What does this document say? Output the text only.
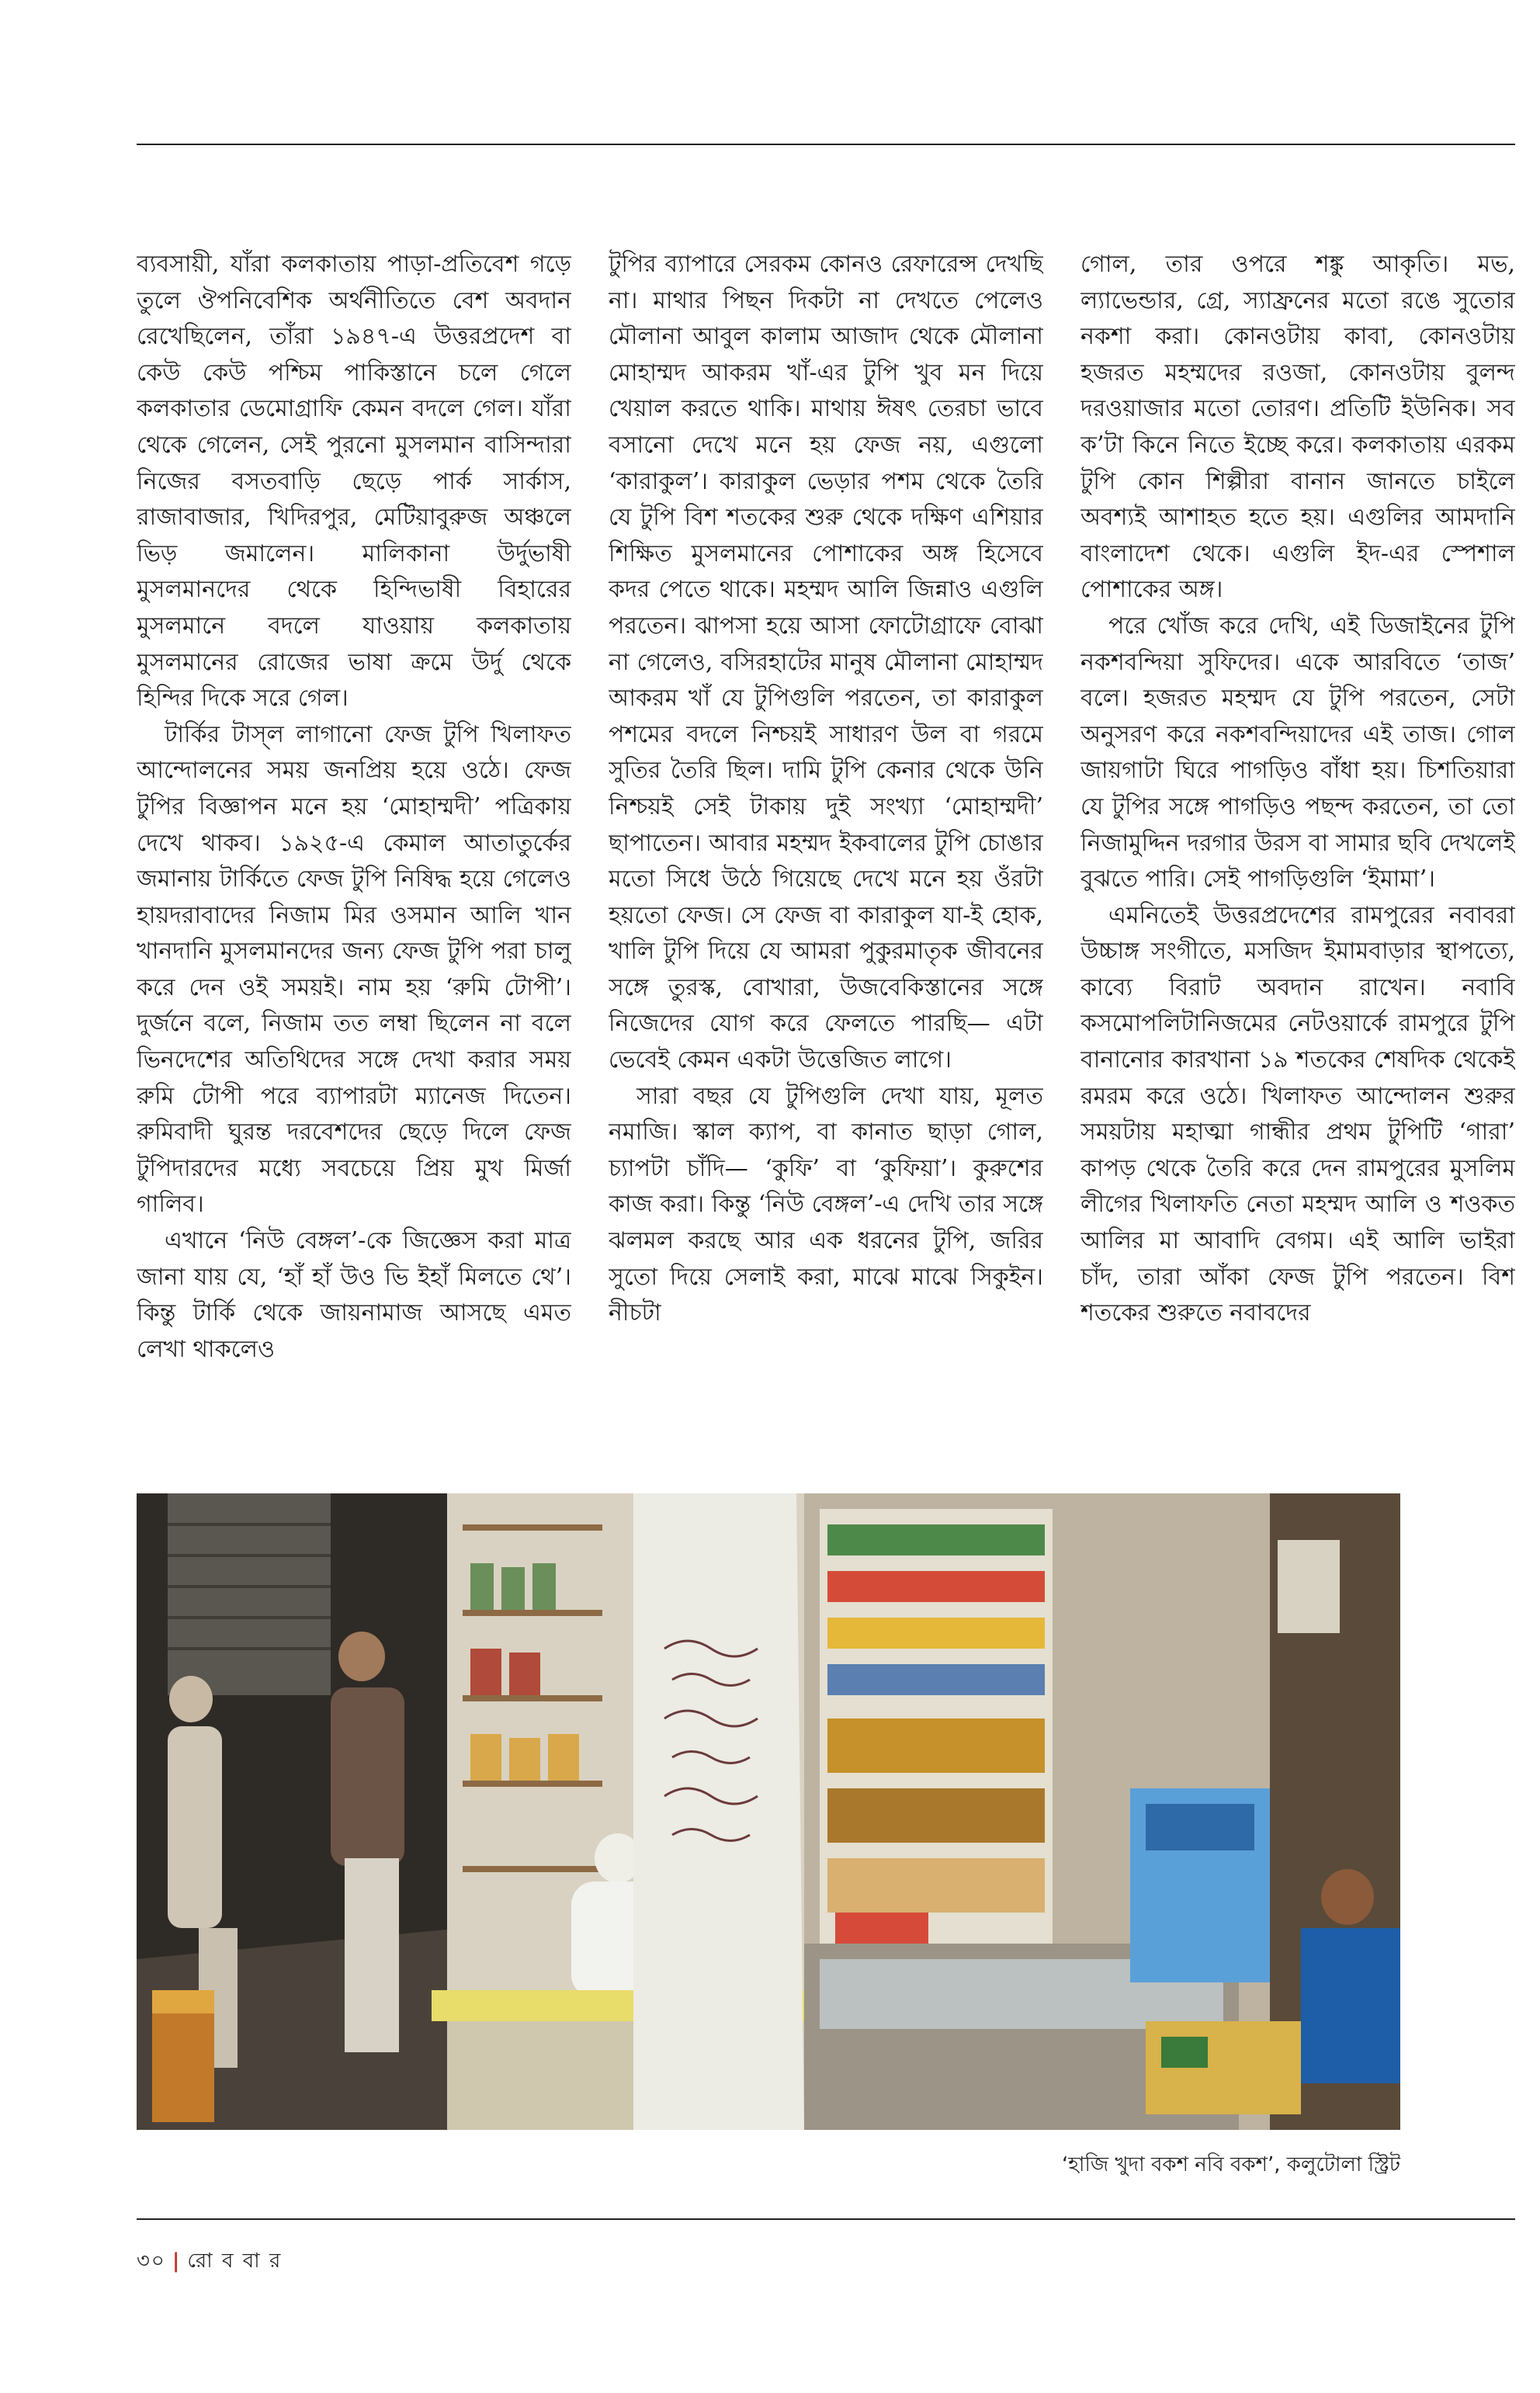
ব্যবসায়ী, যাঁরা কলকাতায় পাড়া-প্রতিবেশ গড়ে তুলে ঔপনিবেশিক অর্থনীতিতে বেশ অবদান রেখেছিলেন, তাঁরা ১৯৪৭-এ উত্তরপ্রদেশ বা কেউ কেউ পশ্চিম পাকিস্তানে চলে গেলে কলকাতার ডেমোগ্রাফি কেমন বদলে গেল। যাঁরা থেকে গেলেন, সেই পুরনো মুসলমান বাসিন্দারা নিজের বসতবাড়ি ছেড়ে পার্ক সার্কাস, রাজাবাজার, খিদিরপুর, মেটিয়াবুরুজ অঞ্চলে ভিড় জমালেন। মালিকানা উর্দুভাষী মুসলমানদের থেকে হিন্দিভাষী বিহারের মুসলমানে বদলে যাওয়ায় কলকাতায় মুসলমানের রোজের ভাষা ক্রমে উর্দু থেকে হিন্দির দিকে সরে গেল।

টার্কির টাস্‌ল লাগানো ফেজ টুপি খিলাফত আন্দোলনের সময় জনপ্রিয় হয়ে ওঠে। ফেজ টুপির বিজ্ঞাপন মনে হয় ‘মোহাম্মদী’ পত্রিকায় দেখে থাকব। ১৯২৫-এ কেমাল আতাতুর্কের জমানায় টার্কিতে ফেজ টুপি নিষিদ্ধ হয়ে গেলেও হায়দরাবাদের নিজাম মির ওসমান আলি খান খানদানি মুসলমানদের জন্য ফেজ টুপি পরা চালু করে দেন ওই সময়ই। নাম হয় ‘রুমি টোপী’। দুর্জনে বলে, নিজাম তত লম্বা ছিলেন না বলে ভিনদেশের অতিথিদের সঙ্গে দেখা করার সময় রুমি টোপী পরে ব্যাপারটা ম্যানেজ দিতেন। রুমিবাদী ঘুরন্ত দরবেশদের ছেড়ে দিলে ফেজ টুপিদারদের মধ্যে সবচেয়ে প্রিয় মুখ মির্জা গালিব।

এখানে ‘নিউ বেঙ্গল’-কে জিজ্ঞেস করা মাত্র জানা যায় যে, ‘হাঁ হাঁ উও ভি ইহাঁ মিলতে থে’। কিন্তু টার্কি থেকে জায়নামাজ আসছে এমত লেখা থাকলেও

টুপির ব্যাপারে সেরকম কোনও রেফারেন্স দেখছি না। মাথার পিছন দিকটা না দেখতে পেলেও মৌলানা আবুল কালাম আজাদ থেকে মৌলানা মোহাম্মদ আকরম খাঁ-এর টুপি খুব মন দিয়ে খেয়াল করতে থাকি। মাথায় ঈষৎ তেরচা ভাবে বসানো দেখে মনে হয় ফেজ নয়, এগুলো ‘কারাকুল’। কারাকুল ভেড়ার পশম থেকে তৈরি যে টুপি বিশ শতকের শুরু থেকে দক্ষিণ এশিয়ার শিক্ষিত মুসলমানের পোশাকের অঙ্গ হিসেবে কদর পেতে থাকে। মহম্মদ আলি জিন্নাও এগুলি পরতেন। ঝাপসা হয়ে আসা ফোটোগ্রাফে বোঝা না গেলেও, বসিরহাটের মানুষ মৌলানা মোহাম্মদ আকরম খাঁ যে টুপিগুলি পরতেন, তা কারাকুল পশমের বদলে নিশ্চয়ই সাধারণ উল বা গরমে সুতির তৈরি ছিল। দামি টুপি কেনার থেকে উনি নিশ্চয়ই সেই টাকায় দুই সংখ্যা ‘মোহাম্মদী’ ছাপাতেন। আবার মহম্মদ ইকবালের টুপি চোঙার মতো সিধে উঠে গিয়েছে দেখে মনে হয় ওঁরটা হয়তো ফেজ। সে ফেজ বা কারাকুল যা-ই হোক, খালি টুপি দিয়ে যে আমরা পুকুরমাতৃক জীবনের সঙ্গে তুরস্ক, বোখারা, উজবেকিস্তানের সঙ্গে নিজেদের যোগ করে ফেলতে পারছি— এটা ভেবেই কেমন একটা উত্তেজিত লাগে।

সারা বছর যে টুপিগুলি দেখা যায়, মূলত নমাজি। স্কাল ক্যাপ, বা কানাত ছাড়া গোল, চ্যাপটা চাঁদি— ‘কুফি’ বা ‘কুফিয়া’। কুরুশের কাজ করা। কিন্তু ‘নিউ বেঙ্গল’-এ দেখি তার সঙ্গে ঝলমল করছে আর এক ধরনের টুপি, জরির সুতো দিয়ে সেলাই করা, মাঝে মাঝে সিকুইন। নীচটা

গোল, তার ওপরে শঙ্কু আকৃতি। মভ, ল্যাভেন্ডার, গ্রে, স্যাফ্রনের মতো রঙে সুতোর নকশা করা। কোনওটায় কাবা, কোনওটায় হজরত মহম্মদের রওজা, কোনওটায় বুলন্দ দরওয়াজার মতো তোরণ। প্রতিটি ইউনিক। সব ক’টা কিনে নিতে ইচ্ছে করে। কলকাতায় এরকম টুপি কোন শিল্পীরা বানান জানতে চাইলে অবশ্যই আশাহত হতে হয়। এগুলির আমদানি বাংলাদেশ থেকে। এগুলি ইদ-এর স্পেশাল পোশাকের অঙ্গ।

পরে খোঁজ করে দেখি, এই ডিজাইনের টুপি নকশবন্দিয়া সুফিদের। একে আরবিতে ‘তাজ’ বলে। হজরত মহম্মদ যে টুপি পরতেন, সেটা অনুসরণ করে নকশবন্দিয়াদের এই তাজ। গোল জায়গাটা ঘিরে পাগড়িও বাঁধা হয়। চিশতিয়ারা যে টুপির সঙ্গে পাগড়িও পছন্দ করতেন, তা তো নিজামুদ্দিন দরগার উরস বা সামার ছবি দেখলেই বুঝতে পারি। সেই পাগড়িগুলি ‘ইমামা’।

এমনিতেই উত্তরপ্রদেশের রামপুরের নবাবরা উচ্চাঙ্গ সংগীতে, মসজিদ ইমামবাড়ার স্থাপত্যে, কাব্যে বিরাট অবদান রাখেন। নবাবি কসমোপলিটানিজমের নেটওয়ার্কে রামপুরে টুপি বানানোর কারখানা ১৯ শতকের শেষদিক থেকেই রমরম করে ওঠে। খিলাফত আন্দোলন শুরুর সময়টায় মহাত্মা গান্ধীর প্রথম টুপিটি ‘গারা’ কাপড় থেকে তৈরি করে দেন রামপুরের মুসলিম লীগের খিলাফতি নেতা মহম্মদ আলি ও শওকত আলির মা আবাদি বেগম। এই আলি ভাইরা চাঁদ, তারা আঁকা ফেজ টুপি পরতেন। বিশ শতকের শুরুতে নবাবদের

‘হাজি খুদা বকশ নবি বকশ’, কলুটোলা স্ট্রিট
৩০ | রো ব বা র
